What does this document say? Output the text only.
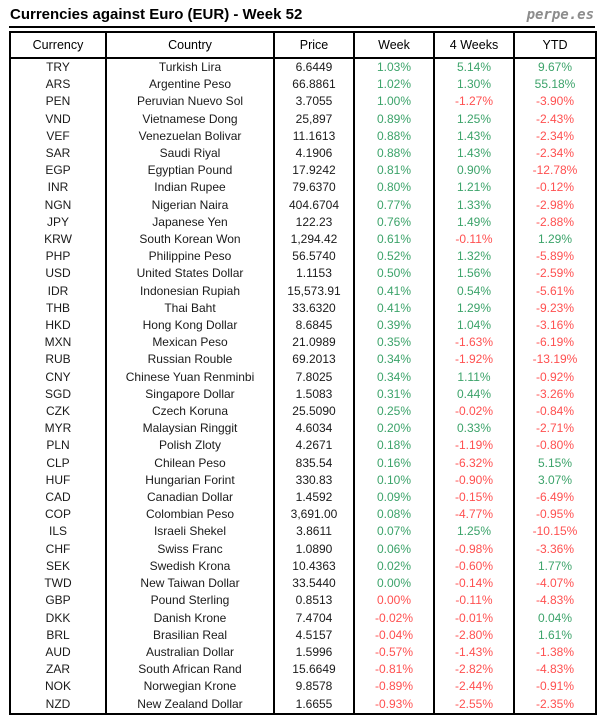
Currencies against Euro (EUR) - Week 52	perpe.es
Currency	Country	Price	Week	4 Weeks	YTD
TRY	Turkish Lira	6.6449	1.03%	5.14%	9.67%
ARS	Argentine Peso	66.8861	1.02%	1.30%	55.18%
PEN	Peruvian Nuevo Sol	3.7055	1.00%	-1.27%	-3.90%
VND	Vietnamese Dong	25,897	0.89%	1.25%	-2.43%
VEF	Venezuelan Bolivar	11.1613	0.88%	1.43%	-2.34%
SAR	Saudi Riyal	4.1906	0.88%	1.43%	-2.34%
EGP	Egyptian Pound	17.9242	0.81%	0.90%	-12.78%
INR	Indian Rupee	79.6370	0.80%	1.21%	-0.12%
NGN	Nigerian Naira	404.6704	0.77%	1.33%	-2.98%
JPY	Japanese Yen	122.23	0.76%	1.49%	-2.88%
KRW	South Korean Won	1,294.42	0.61%	-0.11%	1.29%
PHP	Philippine Peso	56.5740	0.52%	1.32%	-5.89%
USD	United States Dollar	1.1153	0.50%	1.56%	-2.59%
IDR	Indonesian Rupiah	15,573.91	0.41%	0.54%	-5.61%
THB	Thai Baht	33.6320	0.41%	1.29%	-9.23%
HKD	Hong Kong Dollar	8.6845	0.39%	1.04%	-3.16%
MXN	Mexican Peso	21.0989	0.35%	-1.63%	-6.19%
RUB	Russian Rouble	69.2013	0.34%	-1.92%	-13.19%
CNY	Chinese Yuan Renminbi	7.8025	0.34%	1.11%	-0.92%
SGD	Singapore Dollar	1.5083	0.31%	0.44%	-3.26%
CZK	Czech Koruna	25.5090	0.25%	-0.02%	-0.84%
MYR	Malaysian Ringgit	4.6034	0.20%	0.33%	-2.71%
PLN	Polish Zloty	4.2671	0.18%	-1.19%	-0.80%
CLP	Chilean Peso	835.54	0.16%	-6.32%	5.15%
HUF	Hungarian Forint	330.83	0.10%	-0.90%	3.07%
CAD	Canadian Dollar	1.4592	0.09%	-0.15%	-6.49%
COP	Colombian Peso	3,691.00	0.08%	-4.77%	-0.95%
ILS	Israeli Shekel	3.8611	0.07%	1.25%	-10.15%
CHF	Swiss Franc	1.0890	0.06%	-0.98%	-3.36%
SEK	Swedish Krona	10.4363	0.02%	-0.60%	1.77%
TWD	New Taiwan Dollar	33.5440	0.00%	-0.14%	-4.07%
GBP	Pound Sterling	0.8513	0.00%	-0.11%	-4.83%
DKK	Danish Krone	7.4704	-0.02%	-0.01%	0.04%
BRL	Brasilian Real	4.5157	-0.04%	-2.80%	1.61%
AUD	Australian Dollar	1.5996	-0.57%	-1.43%	-1.38%
ZAR	South African Rand	15.6649	-0.81%	-2.82%	-4.83%
NOK	Norwegian Krone	9.8578	-0.89%	-2.44%	-0.91%
NZD	New Zealand Dollar	1.6655	-0.93%	-2.55%	-2.35%
